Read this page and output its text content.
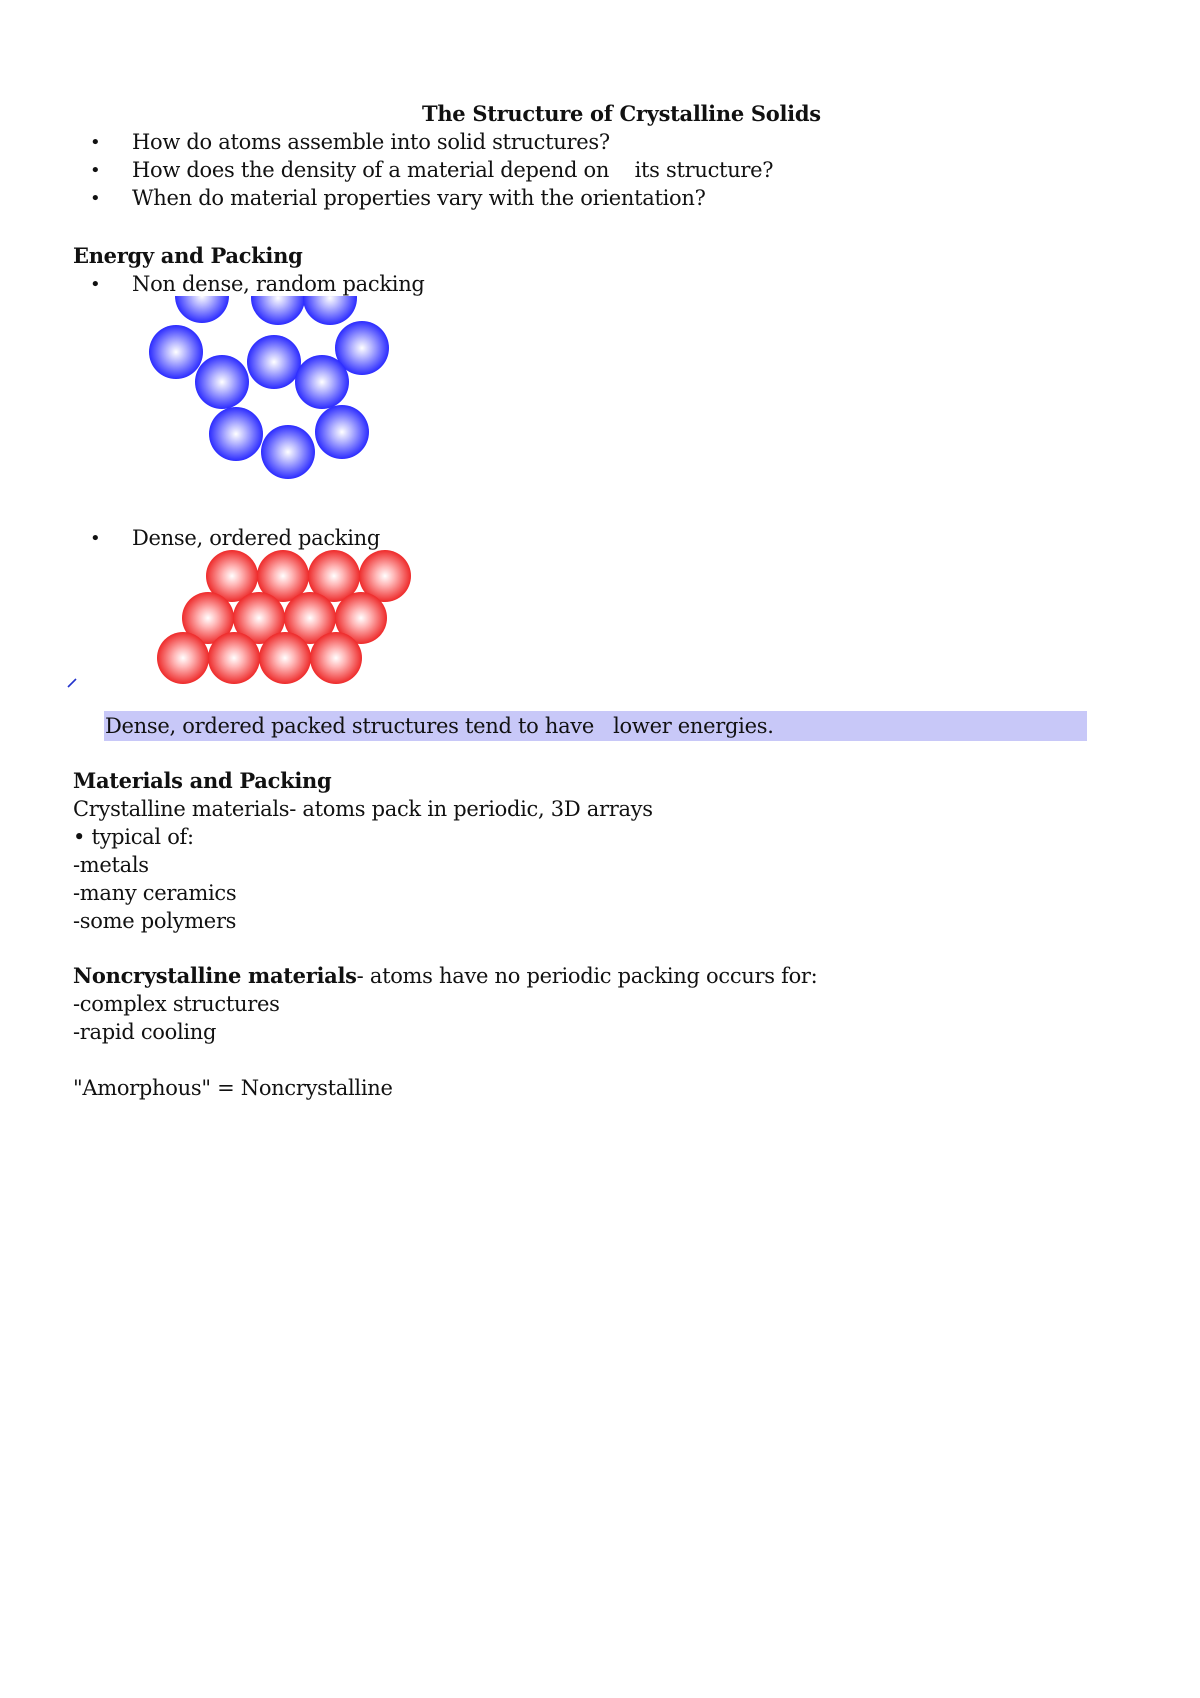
The Structure of Crystalline Solids
• How do atoms assemble into solid structures?
• How does the density of a material depend on    its structure?
• When do material properties vary with the orientation?
Energy and Packing
• Non dense, random packing
• Dense, ordered packing
Dense, ordered packed structures tend to have   lower energies.
Materials and Packing
Crystalline materials- atoms pack in periodic, 3D arrays
• typical of:
-metals
-many ceramics
-some polymers
Noncrystalline materials- atoms have no periodic packing occurs for:
-complex structures
-rapid cooling
"Amorphous" = Noncrystalline
